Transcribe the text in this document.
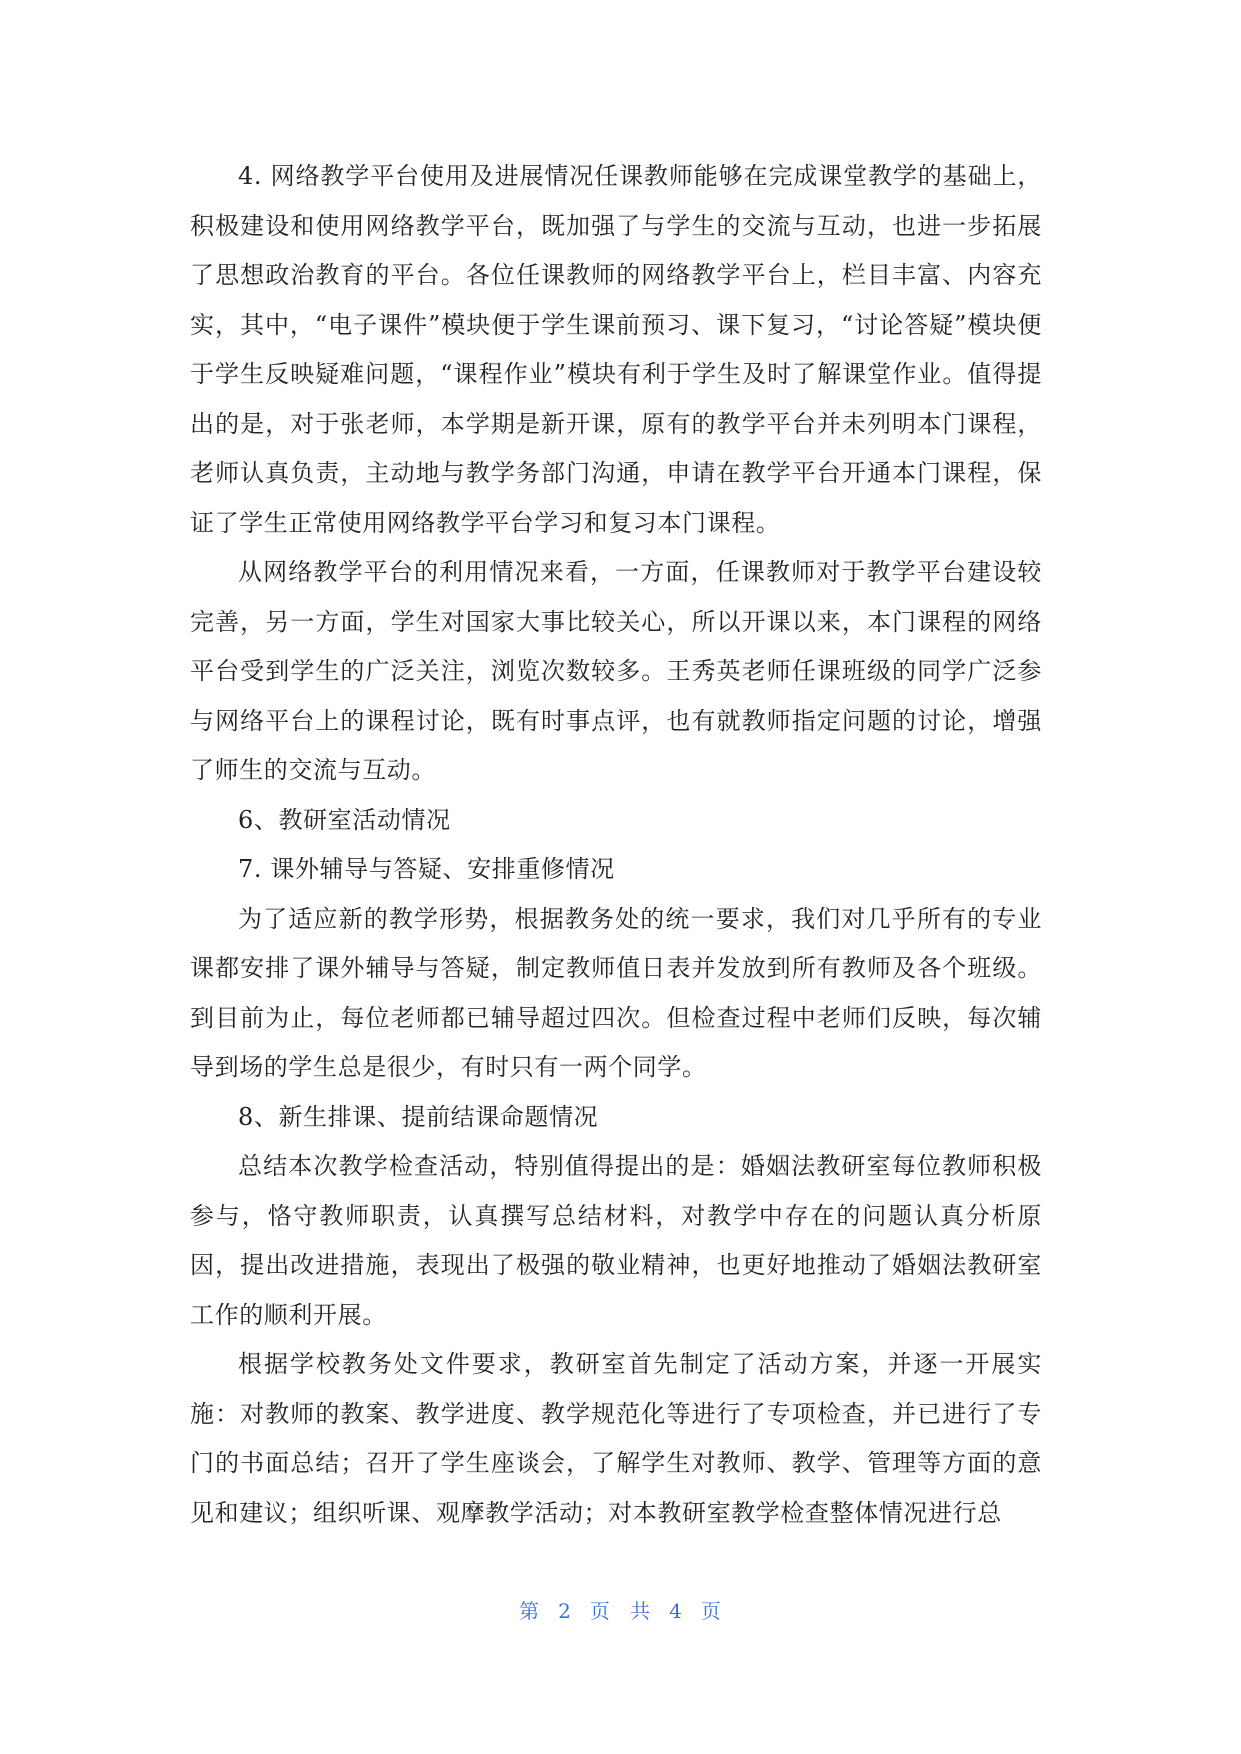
4. 网络教学平台使用及进展情况任课教师能够在完成课堂教学的基础上，积极建设和使用网络教学平台，既加强了与学生的交流与互动，也进一步拓展了思想政治教育的平台。各位任课教师的网络教学平台上，栏目丰富、内容充实，其中，“电子课件”模块便于学生课前预习、课下复习，“讨论答疑”模块便于学生反映疑难问题，“课程作业”模块有利于学生及时了解课堂作业。值得提出的是，对于张老师，本学期是新开课，原有的教学平台并未列明本门课程，老师认真负责，主动地与教学务部门沟通，申请在教学平台开通本门课程，保证了学生正常使用网络教学平台学习和复习本门课程。

从网络教学平台的利用情况来看，一方面，任课教师对于教学平台建设较完善，另一方面，学生对国家大事比较关心，所以开课以来，本门课程的网络平台受到学生的广泛关注，浏览次数较多。王秀英老师任课班级的同学广泛参与网络平台上的课程讨论，既有时事点评，也有就教师指定问题的讨论，增强了师生的交流与互动。

6、教研室活动情况

7. 课外辅导与答疑、安排重修情况

为了适应新的教学形势，根据教务处的统一要求，我们对几乎所有的专业课都安排了课外辅导与答疑，制定教师值日表并发放到所有教师及各个班级。到目前为止，每位老师都已辅导超过四次。但检查过程中老师们反映，每次辅导到场的学生总是很少，有时只有一两个同学。

8、新生排课、提前结课命题情况

总结本次教学检查活动，特别值得提出的是：婚姻法教研室每位教师积极参与，恪守教师职责，认真撰写总结材料，对教学中存在的问题认真分析原因，提出改进措施，表现出了极强的敬业精神，也更好地推动了婚姻法教研室工作的顺利开展。

根据学校教务处文件要求，教研室首先制定了活动方案，并逐一开展实施：对教师的教案、教学进度、教学规范化等进行了专项检查，并已进行了专门的书面总结；召开了学生座谈会，了解学生对教师、教学、管理等方面的意见和建议；组织听课、观摩教学活动；对本教研室教学检查整体情况进行总

第 2 页 共 4 页
